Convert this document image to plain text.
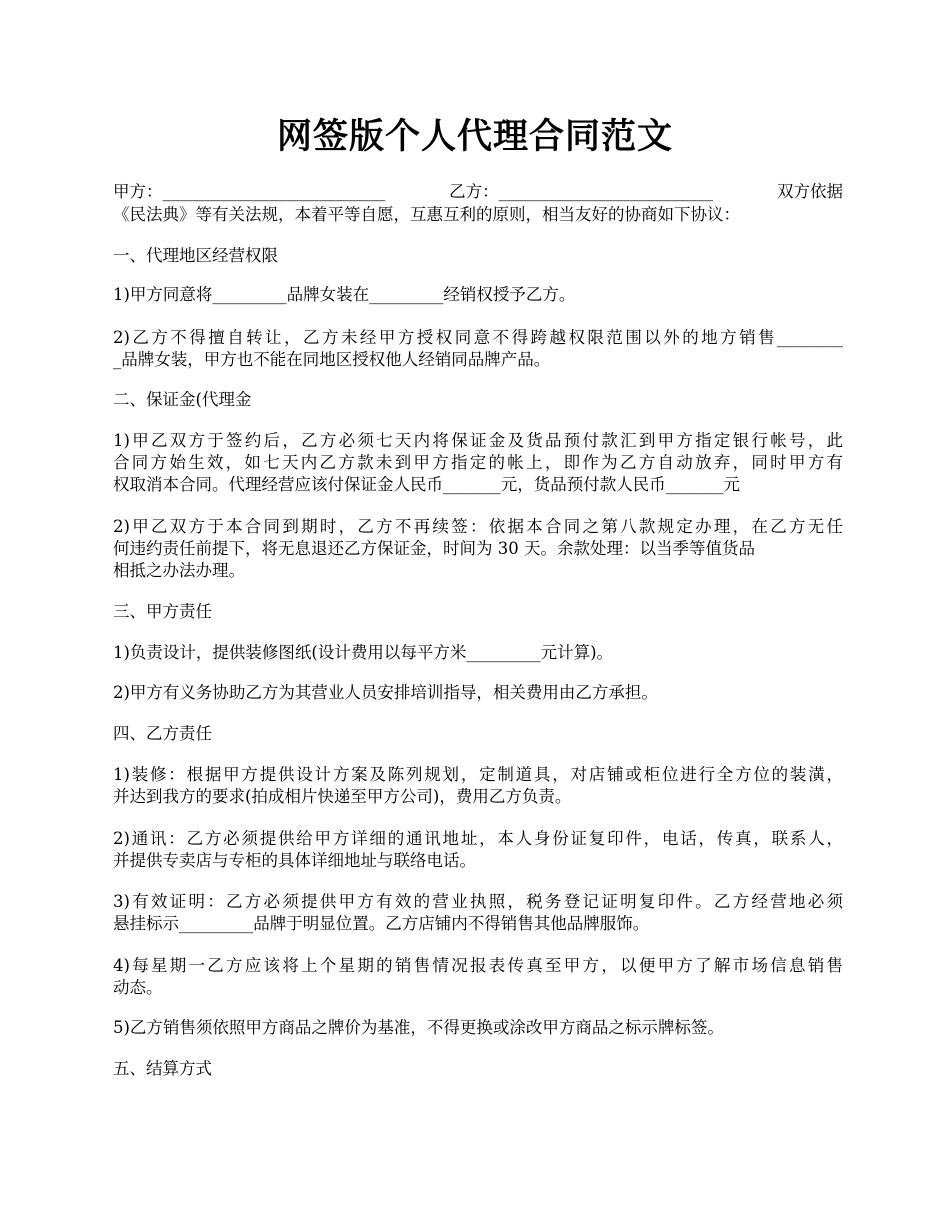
网签版个人代理合同范文
甲方：___________________________	乙方：__________________________	双方依据
《民法典》等有关法规，本着平等自愿，互惠互利的原则，相当友好的协商如下协议：
一、代理地区经营权限
1)甲方同意将_________品牌女装在_________经销权授予乙方。
2)乙方不得擅自转让，乙方未经甲方授权同意不得跨越权限范围以外的地方销售________
_品牌女装，甲方也不能在同地区授权他人经销同品牌产品。
二、保证金(代理金
1)甲乙双方于签约后，乙方必须七天内将保证金及货品预付款汇到甲方指定银行帐号，此
合同方始生效，如七天内乙方款未到甲方指定的帐上，即作为乙方自动放弃，同时甲方有
权取消本合同。代理经营应该付保证金人民币_______元，货品预付款人民币_______元
2)甲乙双方于本合同到期时，乙方不再续签：依据本合同之第八款规定办理，在乙方无任
何违约责任前提下，将无息退还乙方保证金，时间为 30 天。余款处理：以当季等值货品
相抵之办法办理。
三、甲方责任
1)负责设计，提供装修图纸(设计费用以每平方米_________元计算)。
2)甲方有义务协助乙方为其营业人员安排培训指导，相关费用由乙方承担。
四、乙方责任
1)装修：根据甲方提供设计方案及陈列规划，定制道具，对店铺或柜位进行全方位的装潢，
并达到我方的要求(拍成相片快递至甲方公司)，费用乙方负责。
2)通讯：乙方必须提供给甲方详细的通讯地址，本人身份证复印件，电话，传真，联系人，
并提供专卖店与专柜的具体详细地址与联络电话。
3)有效证明：乙方必须提供甲方有效的营业执照，税务登记证明复印件。乙方经营地必须
悬挂标示_________品牌于明显位置。乙方店铺内不得销售其他品牌服饰。
4)每星期一乙方应该将上个星期的销售情况报表传真至甲方，以便甲方了解市场信息销售
动态。
5)乙方销售须依照甲方商品之牌价为基准，不得更换或涂改甲方商品之标示牌标签。
五、结算方式
